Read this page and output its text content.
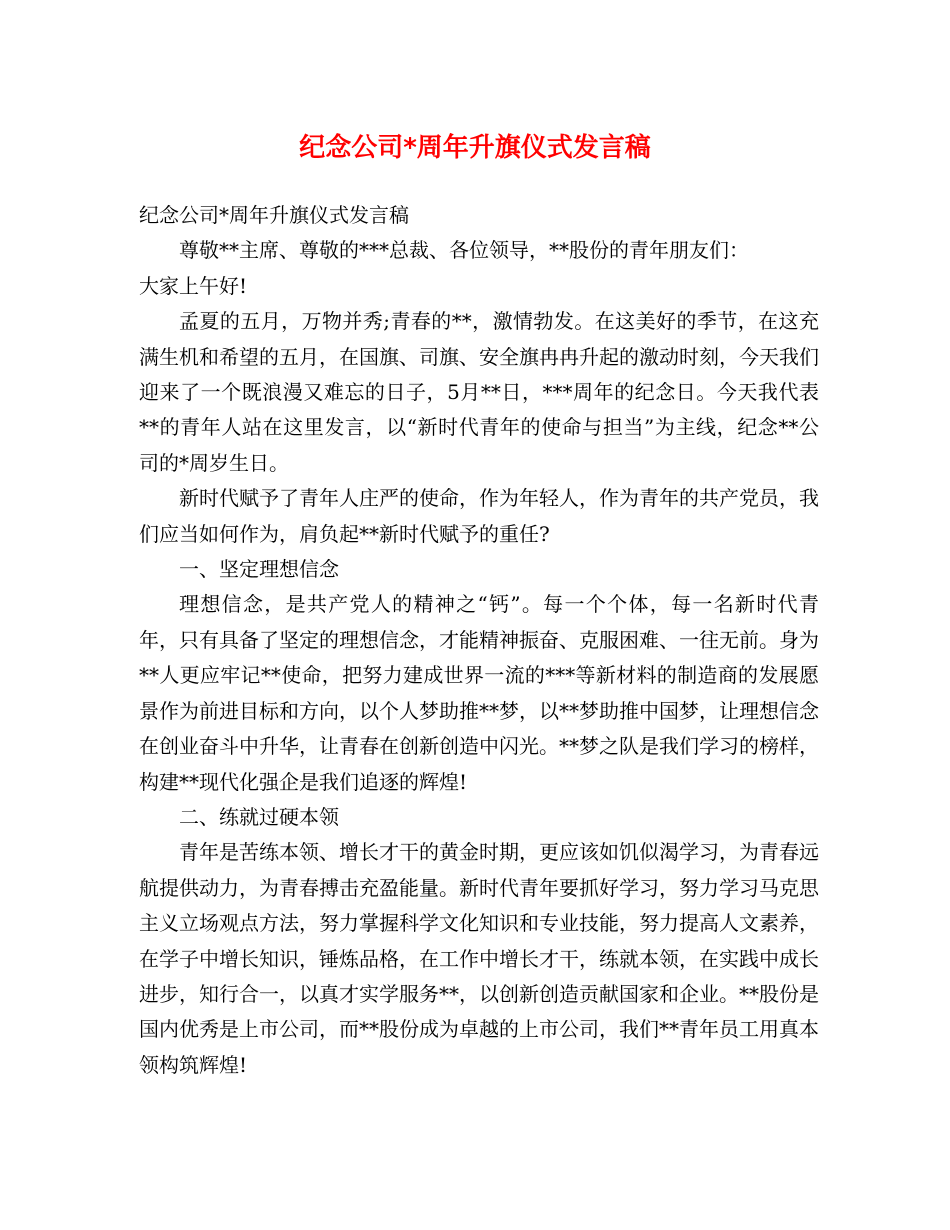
纪念公司*周年升旗仪式发言稿

纪念公司*周年升旗仪式发言稿

尊敬**主席、尊敬的***总裁、各位领导，**股份的青年朋友们：

大家上午好!

孟夏的五月，万物并秀;青春的**，激情勃发。在这美好的季节，在这充满生机和希望的五月，在国旗、司旗、安全旗冉冉升起的激动时刻，今天我们迎来了一个既浪漫又难忘的日子，5月**日，***周年的纪念日。今天我代表**的青年人站在这里发言，以“新时代青年的使命与担当”为主线，纪念**公司的*周岁生日。

新时代赋予了青年人庄严的使命，作为年轻人，作为青年的共产党员，我们应当如何作为，肩负起**新时代赋予的重任?

一、坚定理想信念

理想信念，是共产党人的精神之“钙”。每一个个体，每一名新时代青年，只有具备了坚定的理想信念，才能精神振奋、克服困难、一往无前。身为**人更应牢记**使命，把努力建成世界一流的***等新材料的制造商的发展愿景作为前进目标和方向，以个人梦助推**梦，以**梦助推中国梦，让理想信念在创业奋斗中升华，让青春在创新创造中闪光。**梦之队是我们学习的榜样，构建**现代化强企是我们追逐的辉煌!

二、练就过硬本领

青年是苦练本领、增长才干的黄金时期，更应该如饥似渴学习，为青春远航提供动力，为青春搏击充盈能量。新时代青年要抓好学习，努力学习马克思主义立场观点方法，努力掌握科学文化知识和专业技能，努力提高人文素养，在学子中增长知识，锤炼品格，在工作中增长才干，练就本领，在实践中成长进步，知行合一，以真才实学服务**，以创新创造贡献国家和企业。**股份是国内优秀是上市公司，而**股份成为卓越的上市公司，我们**青年员工用真本领构筑辉煌!
